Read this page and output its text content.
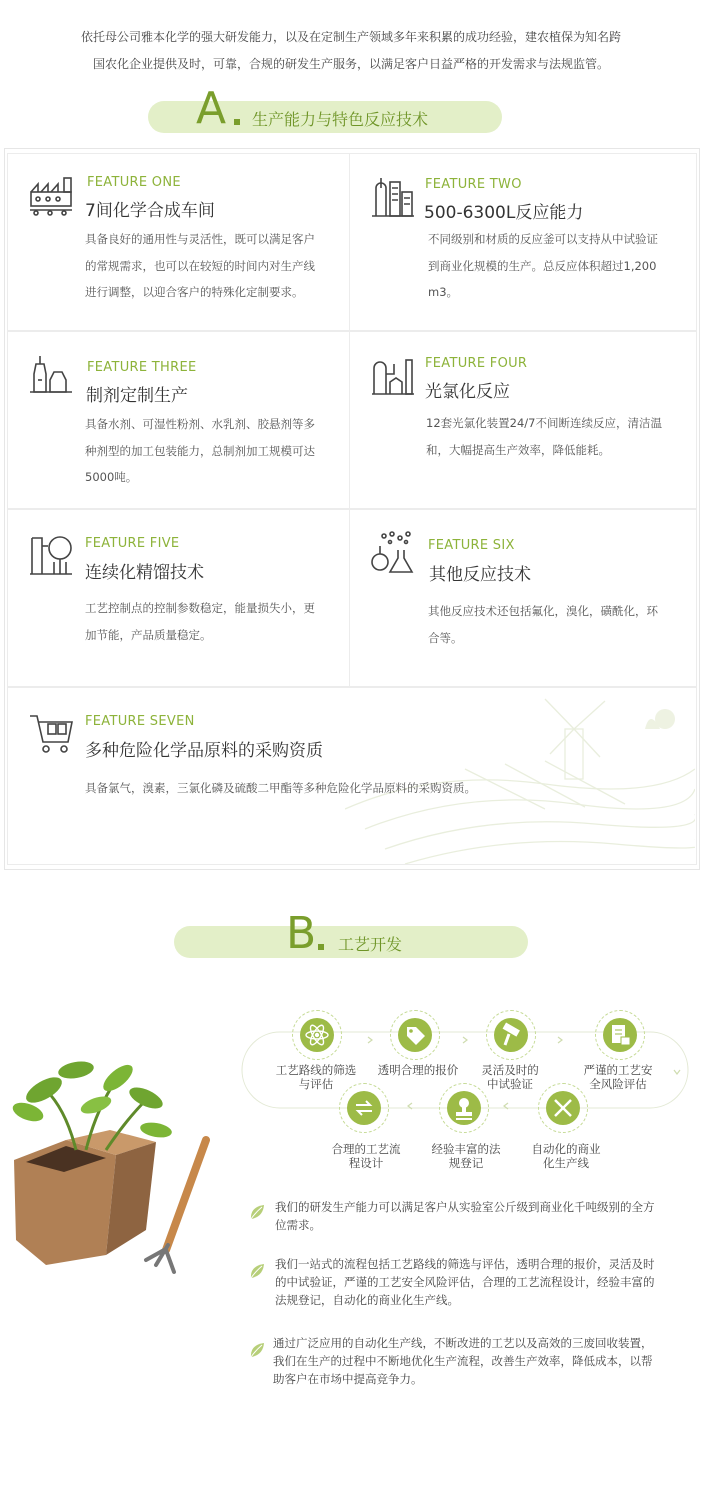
依托母公司雅本化学的强大研发能力，以及在定制生产领域多年来积累的成功经验，建农植保为知名跨
国农化企业提供及时，可靠，合规的研发生产服务，以满足客户日益严格的开发需求与法规监管。
A 生产能力与特色反应技术
FEATURE ONE
7间化学合成车间
具备良好的通用性与灵活性，既可以满足客户
的常规需求，也可以在较短的时间内对生产线
进行调整，以迎合客户的特殊化定制要求。
FEATURE TWO
500-6300L反应能力
不同级别和材质的反应釜可以支持从中试验证
到商业化规模的生产。总反应体积超过1,200
m3。
FEATURE THREE
制剂定制生产
具备水剂、可湿性粉剂、水乳剂、胶悬剂等多
种剂型的加工包装能力，总制剂加工规模可达
5000吨。
FEATURE FOUR
光氯化反应
12套光氯化装置24/7不间断连续反应，清洁温
和，大幅提高生产效率，降低能耗。
FEATURE FIVE
连续化精馏技术
工艺控制点的控制参数稳定，能量损失小，更
加节能，产品质量稳定。
FEATURE SIX
其他反应技术
其他反应技术还包括氟化，溴化，磺酰化，环
合等。
FEATURE SEVEN
多种危险化学品原料的采购资质
具备氯气，溴素，三氯化磷及硫酸二甲酯等多种危险化学品原料的采购资质。
B 工艺开发
工艺路线的筛选
与评估
透明合理的报价	灵活及时的
中试验证
严谨的工艺安
全风险评估
合理的工艺流
程设计
经验丰富的法
规登记
自动化的商业
化生产线
我们的研发生产能力可以满足客户从实验室公斤级到商业化千吨级别的全方
位需求。
我们一站式的流程包括工艺路线的筛选与评估，透明合理的报价，灵活及时
的中试验证，严谨的工艺安全风险评估，合理的工艺流程设计，经验丰富的
法规登记，自动化的商业化生产线。
通过广泛应用的自动化生产线，不断改进的工艺以及高效的三废回收装置，
我们在生产的过程中不断地优化生产流程，改善生产效率，降低成本，以帮
助客户在市场中提高竞争力。
